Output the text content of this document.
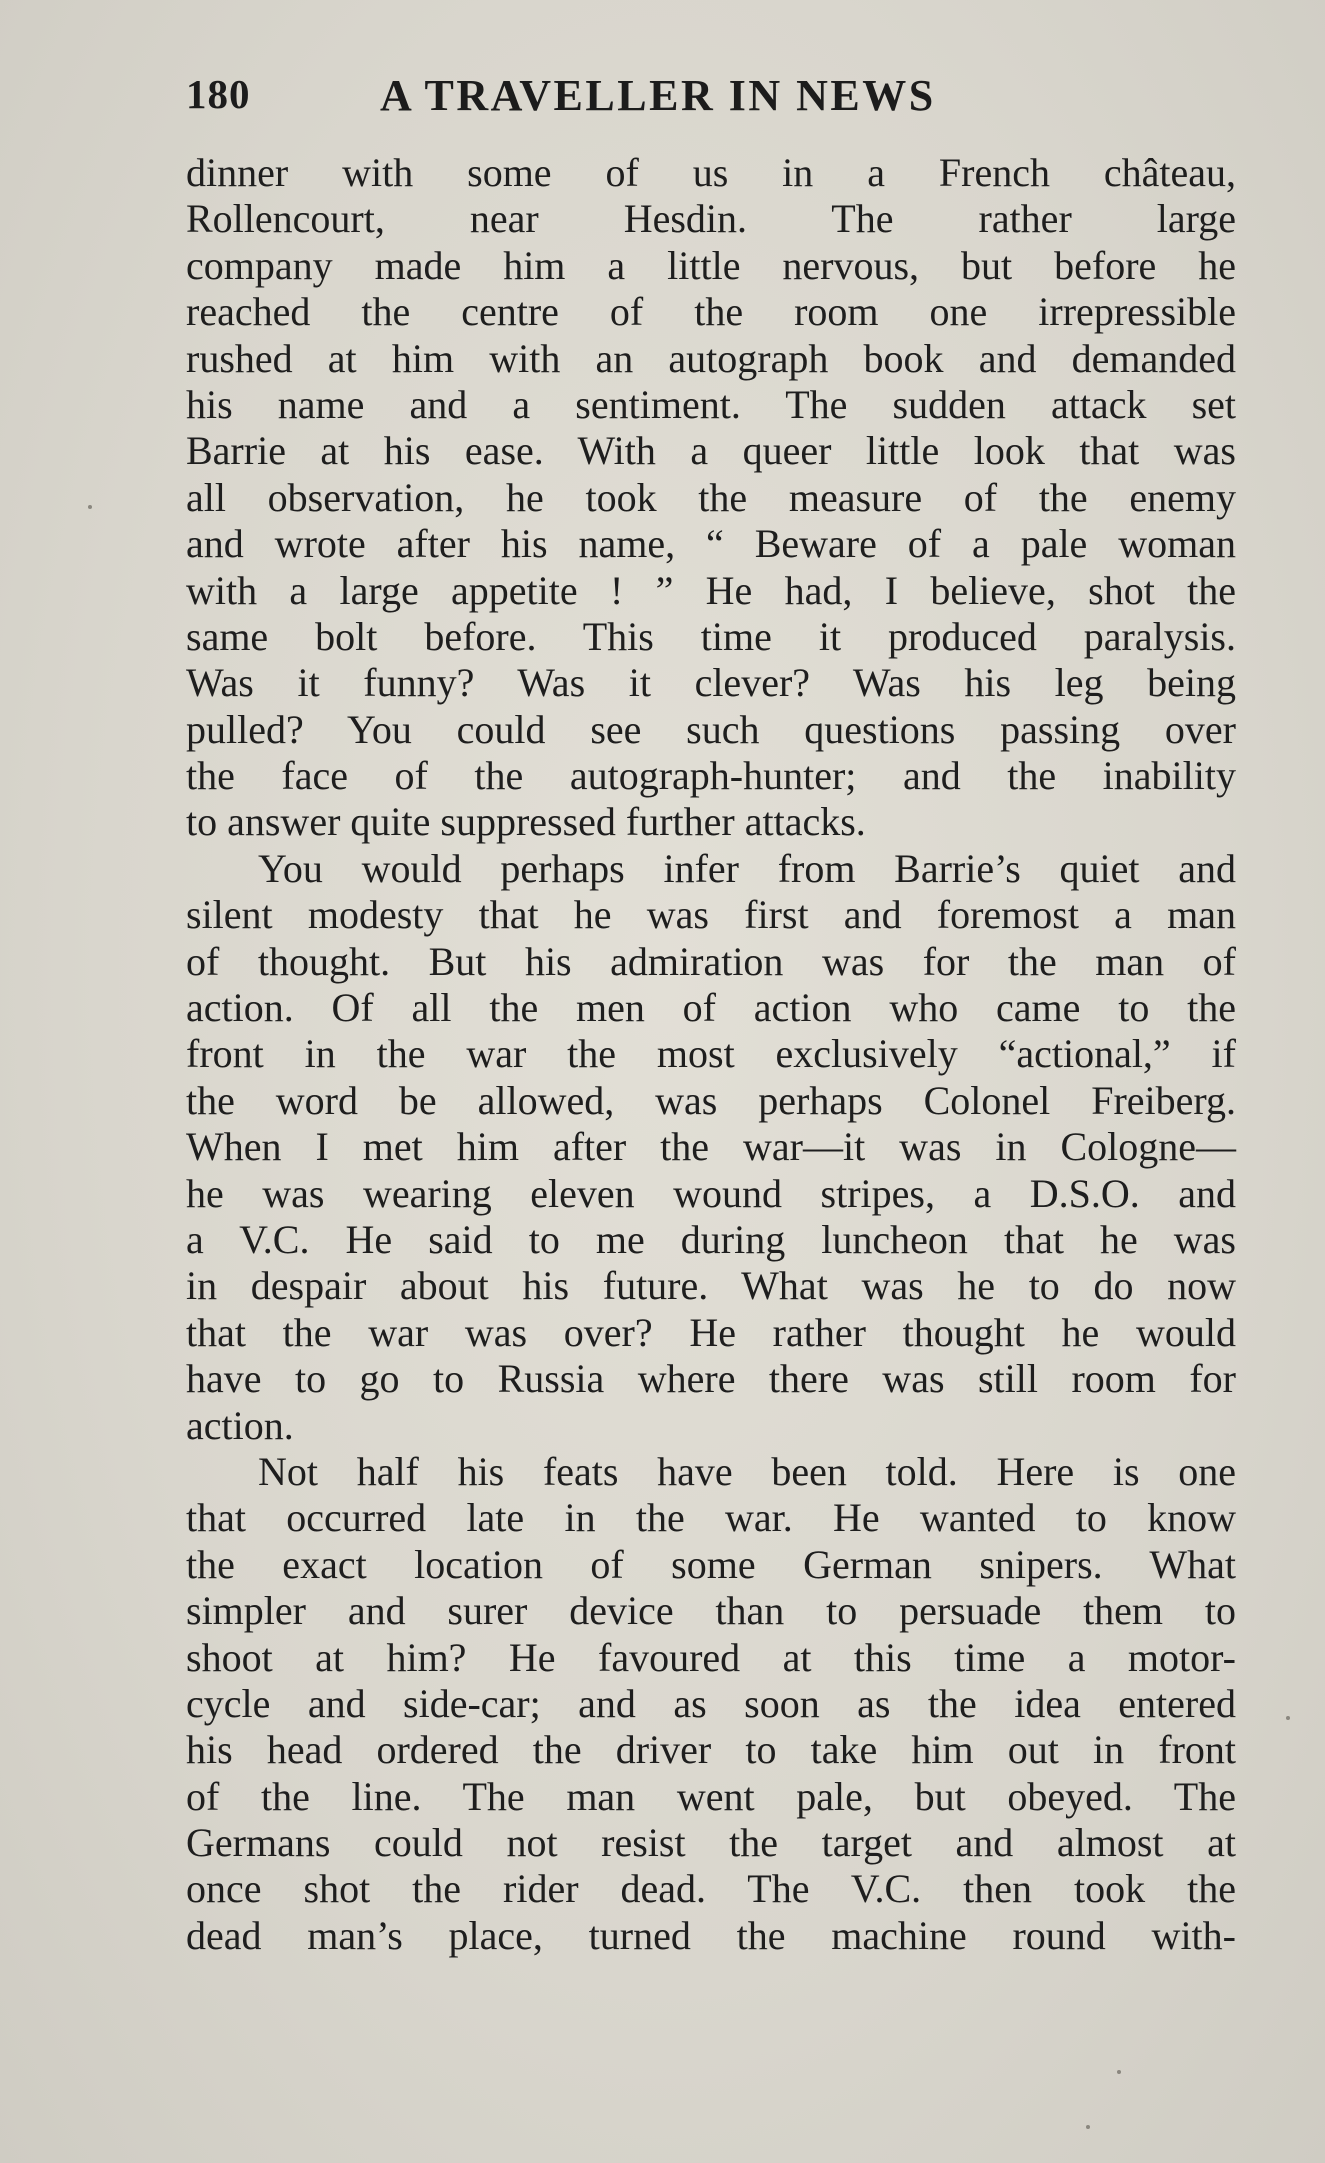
180	A TRAVELLER IN NEWS
dinner with some of us in a French château,
Rollencourt, near Hesdin. The rather large
company made him a little nervous, but before he
reached the centre of the room one irrepressible
rushed at him with an autograph book and demanded
his name and a sentiment. The sudden attack set
Barrie at his ease. With a queer little look that was
all observation, he took the measure of the enemy
and wrote after his name, “ Beware of a pale woman
with a large appetite ! ” He had, I believe, shot the
same bolt before. This time it produced paralysis.
Was it funny? Was it clever? Was his leg being
pulled? You could see such questions passing over
the face of the autograph-hunter; and the inability
to answer quite suppressed further attacks.
You would perhaps infer from Barrie’s quiet and
silent modesty that he was first and foremost a man
of thought. But his admiration was for the man of
action. Of all the men of action who came to the
front in the war the most exclusively “actional,” if
the word be allowed, was perhaps Colonel Freiberg.
When I met him after the war—it was in Cologne—
he was wearing eleven wound stripes, a D.S.O. and
a V.C. He said to me during luncheon that he was
in despair about his future. What was he to do now
that the war was over? He rather thought he would
have to go to Russia where there was still room for
action.
Not half his feats have been told. Here is one
that occurred late in the war. He wanted to know
the exact location of some German snipers. What
simpler and surer device than to persuade them to
shoot at him? He favoured at this time a motor-
cycle and side-car; and as soon as the idea entered
his head ordered the driver to take him out in front
of the line. The man went pale, but obeyed. The
Germans could not resist the target and almost at
once shot the rider dead. The V.C. then took the
dead man’s place, turned the machine round with-
